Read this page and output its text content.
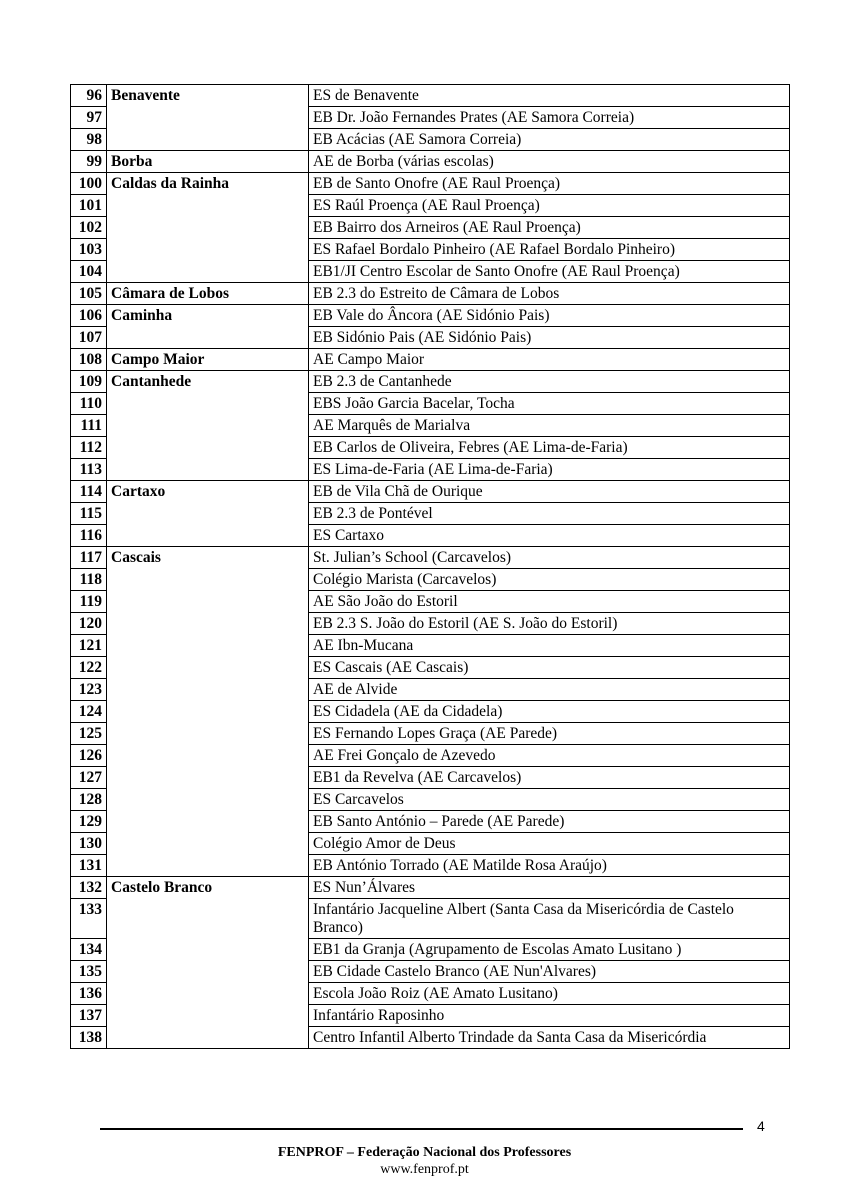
96	Benavente	ES de Benavente
97		EB Dr. João Fernandes Prates (AE Samora Correia)
98		EB Acácias (AE Samora Correia)
99	Borba	AE de Borba (várias escolas)
100	Caldas da Rainha	EB de Santo Onofre (AE Raul Proença)
101		ES Raúl Proença (AE Raul Proença)
102		EB Bairro dos Arneiros (AE Raul Proença)
103		ES Rafael Bordalo Pinheiro (AE Rafael Bordalo Pinheiro)
104		EB1/JI Centro Escolar de Santo Onofre (AE Raul Proença)
105	Câmara de Lobos	EB 2.3 do Estreito de Câmara de Lobos
106	Caminha	EB Vale do Âncora (AE Sidónio Pais)
107		EB Sidónio Pais (AE Sidónio Pais)
108	Campo Maior	AE Campo Maior
109	Cantanhede	EB 2.3 de Cantanhede
110		EBS João Garcia Bacelar, Tocha
111		AE Marquês de Marialva
112		EB Carlos de Oliveira, Febres (AE Lima-de-Faria)
113		ES Lima-de-Faria (AE Lima-de-Faria)
114	Cartaxo	EB de Vila Chã de Ourique
115		EB 2.3 de Pontével
116		ES Cartaxo
117	Cascais	St. Julian’s School (Carcavelos)
118		Colégio Marista (Carcavelos)
119		AE São João do Estoril
120		EB 2.3 S. João do Estoril (AE S. João do Estoril)
121		AE Ibn-Mucana
122		ES Cascais (AE Cascais)
123		AE de Alvide
124		ES Cidadela (AE da Cidadela)
125		ES Fernando Lopes Graça (AE Parede)
126		AE Frei Gonçalo de Azevedo
127		EB1 da Revelva (AE Carcavelos)
128		ES Carcavelos
129		EB Santo António – Parede (AE Parede)
130		Colégio Amor de Deus
131		EB António Torrado (AE Matilde Rosa Araújo)
132	Castelo Branco	ES Nun’Álvares
133		Infantário Jacqueline Albert (Santa Casa da Misericórdia de Castelo Branco)
134		EB1 da Granja (Agrupamento de Escolas Amato Lusitano )
135		EB Cidade Castelo Branco (AE Nun'Alvares)
136		Escola João Roiz (AE Amato Lusitano)
137		Infantário Raposinho
138		Centro Infantil Alberto Trindade da Santa Casa da Misericórdia
4
FENPROF – Federação Nacional dos Professores
www.fenprof.pt
